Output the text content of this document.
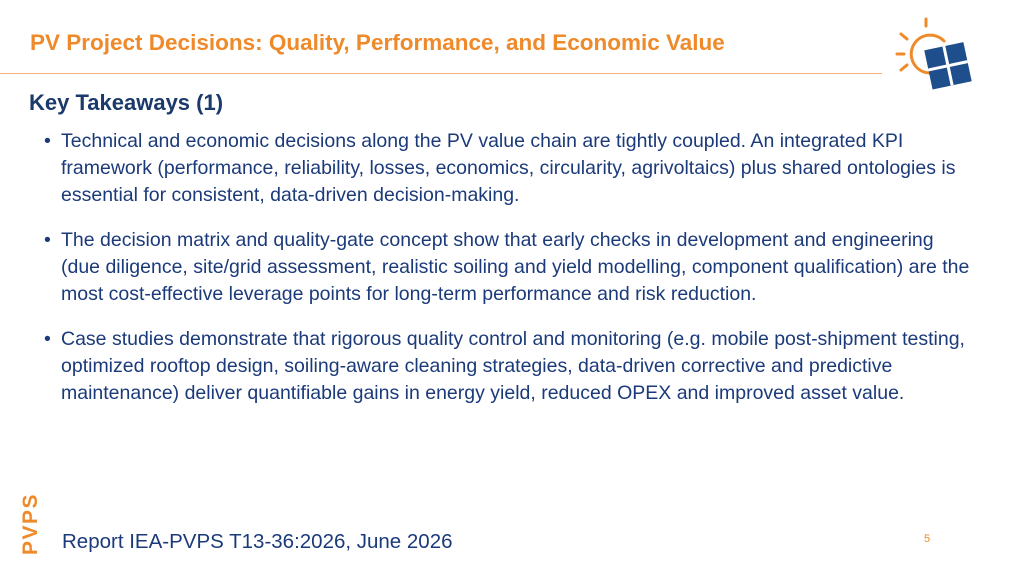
PV Project Decisions: Quality, Performance, and Economic Value
Key Takeaways (1)
• Technical and economic decisions along the PV value chain are tightly coupled. An integrated KPI framework (performance, reliability, losses, economics, circularity, agrivoltaics) plus shared ontologies is essential for consistent, data-driven decision-making.
• The decision matrix and quality-gate concept show that early checks in development and engineering (due diligence, site/grid assessment, realistic soiling and yield modelling, component qualification) are the most cost-effective leverage points for long-term performance and risk reduction.
• Case studies demonstrate that rigorous quality control and monitoring (e.g. mobile post-shipment testing, optimized rooftop design, soiling-aware cleaning strategies, data-driven corrective and predictive maintenance) deliver quantifiable gains in energy yield, reduced OPEX and improved asset value.
PVPS Report IEA-PVPS T13-36:2026, June 2026	5
